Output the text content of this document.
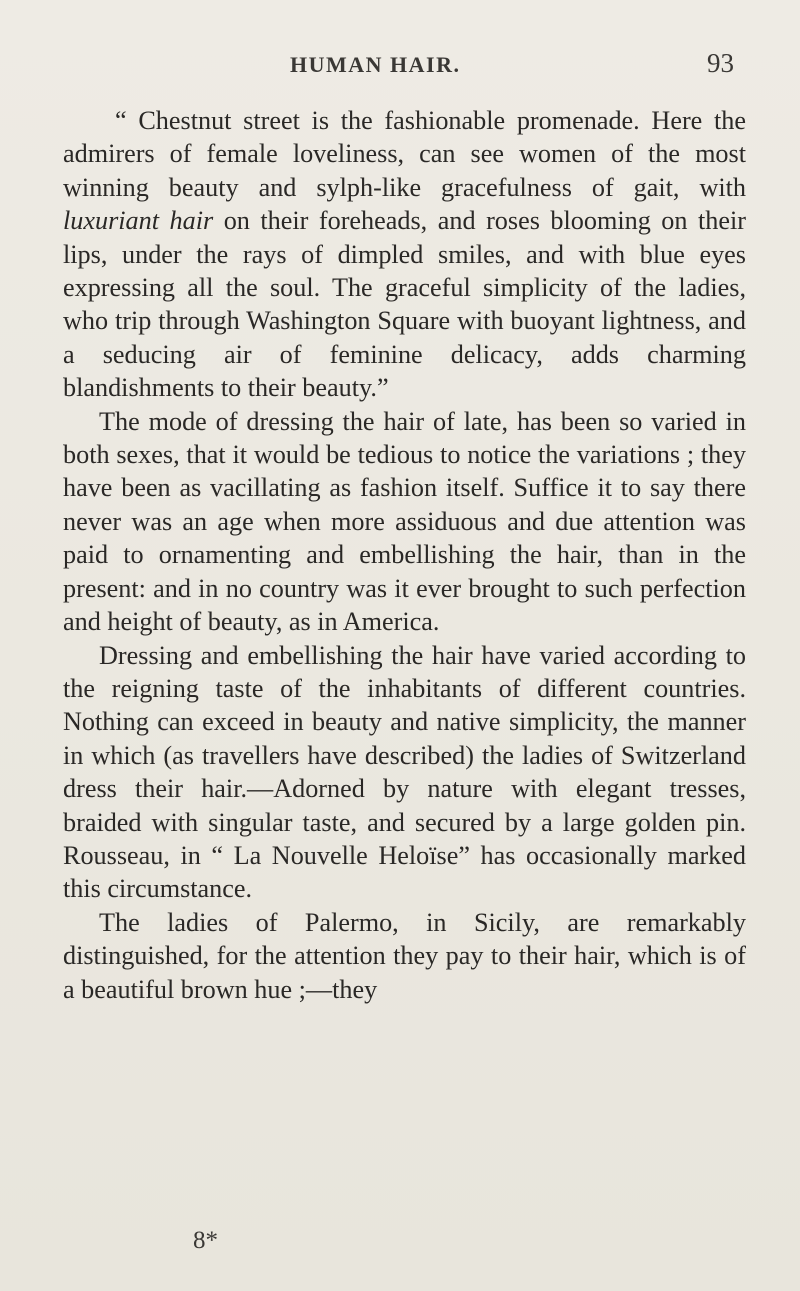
HUMAN HAIR.	93

“ Chestnut street is the fashionable promenade. Here the admirers of female loveliness, can see women of the most winning beauty and sylph-like gracefulness of gait, with luxuriant hair on their foreheads, and roses blooming on their lips, under the rays of dimpled smiles, and with blue eyes expressing all the soul. The graceful simplicity of the ladies, who trip through Washington Square with buoyant lightness, and a seducing air of feminine delicacy, adds charming blandishments to their beauty.”

The mode of dressing the hair of late, has been so varied in both sexes, that it would be tedious to notice the variations ; they have been as vacillating as fashion itself. Suffice it to say there never was an age when more assiduous and due attention was paid to ornamenting and embellishing the hair, than in the present: and in no country was it ever brought to such perfection and height of beauty, as in America.

Dressing and embellishing the hair have varied according to the reigning taste of the inhabitants of different countries. Nothing can exceed in beauty and native simplicity, the manner in which (as travellers have described) the ladies of Switzerland dress their hair.—Adorned by nature with elegant tresses, braided with singular taste, and secured by a large golden pin. Rousseau, in “ La Nouvelle Heloïse” has occasionally marked this circumstance.

The ladies of Palermo, in Sicily, are remarkably distinguished, for the attention they pay to their hair, which is of a beautiful brown hue ;—they

8*
